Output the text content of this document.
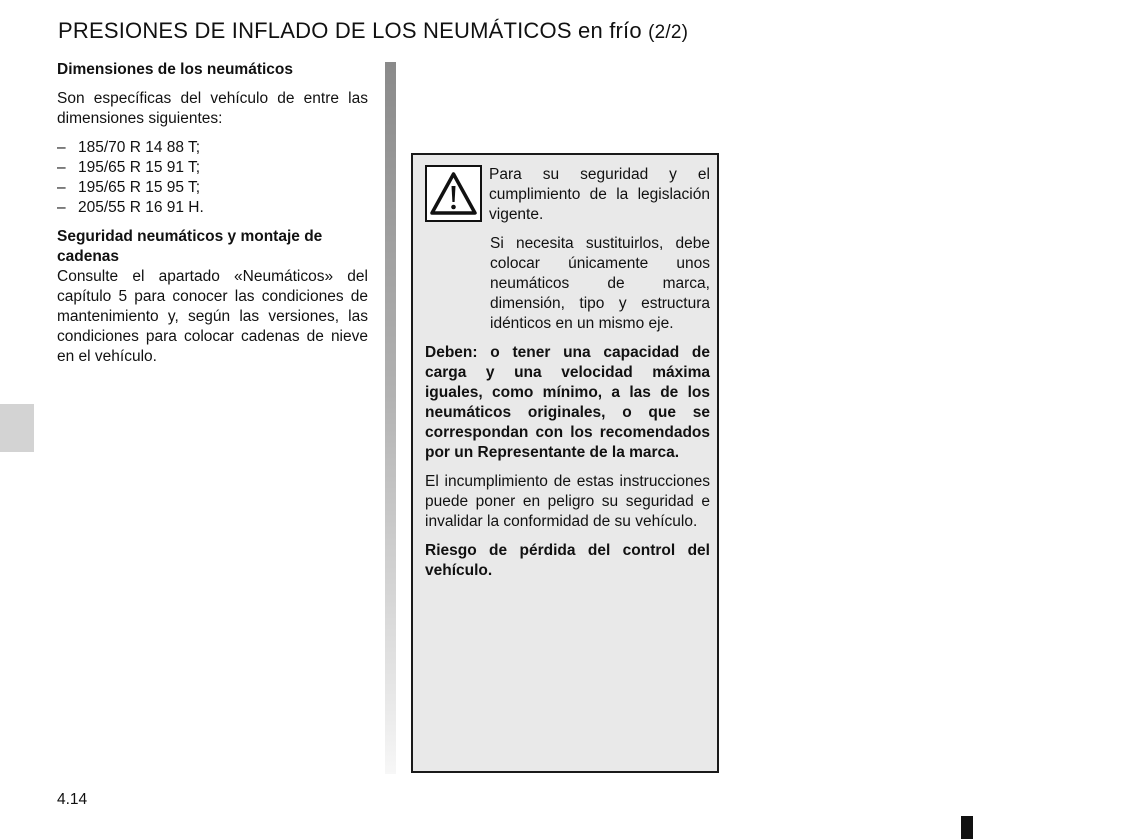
PRESIONES DE INFLADO DE LOS NEUMÁTICOS en frío (2/2)

Dimensiones de los neumáticos

Son específicas del vehículo de entre las dimensiones siguientes:

– 185/70 R 14 88 T;
– 195/65 R 15 91 T;
– 195/65 R 15 95 T;
– 205/55 R 16 91 H.

Seguridad neumáticos y montaje de cadenas

Consulte el apartado «Neumáticos» del capítulo 5 para conocer las condiciones de mantenimiento y, según las versiones, las condiciones para colocar cadenas de nieve en el vehículo.

Para su seguridad y el cumplimiento de la legislación vigente.

Si necesita sustituirlos, debe colocar únicamente unos neumáticos de marca, dimensión, tipo y estructura idénticos en un mismo eje.

Deben: o tener una capacidad de carga y una velocidad máxima iguales, como mínimo, a las de los neumáticos originales, o que se correspondan con los recomendados por un Representante de la marca.

El incumplimiento de estas instrucciones puede poner en peligro su seguridad e invalidar la conformidad de su vehículo.

Riesgo de pérdida del control del vehículo.

4.14
